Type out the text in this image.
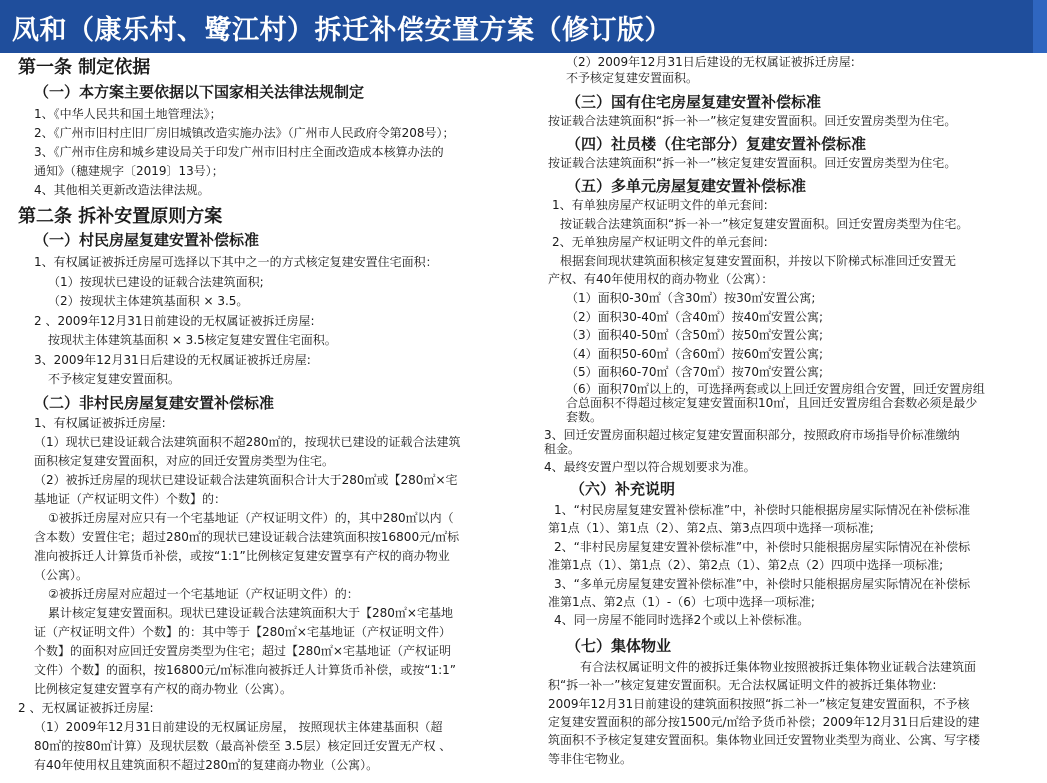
凤和（康乐村、鹭江村）拆迁补偿安置方案（修订版）
第一条 制定依据
（一）本方案主要依据以下国家相关法律法规制定
1、《中华人民共和国土地管理法》；
2、《广州市旧村庄旧厂房旧城镇改造实施办法》（广州市人民政府令第208号）；
3、《广州市住房和城乡建设局关于印发广州市旧村庄全面改造成本核算办法的
通知》（穗建规字〔2019〕13号）；
4、其他相关更新改造法律法规。
第二条 拆补安置原则方案
（一）村民房屋复建安置补偿标准
1、有权属证被拆迁房屋可选择以下其中之一的方式核定复建安置住宅面积：
（1）按现状已建设的证载合法建筑面积;
（2）按现状主体建筑基面积 × 3.5。
2 、2009年12月31日前建设的无权属证被拆迁房屋:
按现状主体建筑基面积 × 3.5核定复建安置住宅面积。
3、2009年12月31日后建设的无权属证被拆迁房屋:
不予核定复建安置面积。
（二）非村民房屋复建安置补偿标准
1、有权属证被拆迁房屋:
（1）现状已建设证载合法建筑面积不超280㎡的，按现状已建设的证载合法建筑
面积核定复建安置面积，对应的回迁安置房类型为住宅。
（2）被拆迁房屋的现状已建设证载合法建筑面积合计大于280㎡或【280㎡×宅
基地证（产权证明文件）个数】的：
①被拆迁房屋对应只有一个宅基地证（产权证明文件）的，其中280㎡以内（
含本数）安置住宅；超过280㎡的现状已建设证载合法建筑面积按16800元/㎡标
准向被拆迁人计算货币补偿，或按“1:1”比例核定复建安置享有产权的商办物业
（公寓）。
②被拆迁房屋对应超过一个宅基地证（产权证明文件）的：
累计核定复建安置面积。现状已建设证载合法建筑面积大于【280㎡×宅基地
证（产权证明文件）个数】的：其中等于【280㎡×宅基地证（产权证明文件）
个数】的面积对应回迁安置房类型为住宅；超过【280㎡×宅基地证（产权证明
文件）个数】的面积，按16800元/㎡标准向被拆迁人计算货币补偿，或按“1:1”
比例核定复建安置享有产权的商办物业（公寓）。
2 、无权属证被拆迁房屋:
（1）2009年12月31日前建设的无权属证房屋， 按照现状主体建基面积（超
80㎡的按80㎡计算）及现状层数（最高补偿至 3.5层）核定回迁安置无产权 、
有40年使用权且建筑面积不超过280㎡的复建商办物业（公寓）。
（2）2009年12月31日后建设的无权属证被拆迁房屋:
不予核定复建安置面积。
（三）国有住宅房屋复建安置补偿标准
按证载合法建筑面积“拆一补一”核定复建安置面积。回迁安置房类型为住宅。
（四）社员楼（住宅部分）复建安置补偿标准
按证载合法建筑面积“拆一补一”核定复建安置面积。回迁安置房类型为住宅。
（五）多单元房屋复建安置补偿标准
1、有单独房屋产权证明文件的单元套间:
按证载合法建筑面积“拆一补一”核定复建安置面积。回迁安置房类型为住宅。
2、无单独房屋产权证明文件的单元套间:
根据套间现状建筑面积核定复建安置面积，并按以下阶梯式标准回迁安置无
产权、有40年使用权的商办物业（公寓）：
（1）面积0-30㎡（含30㎡）按30㎡安置公寓;
（2）面积30-40㎡（含40㎡）按40㎡安置公寓;
（3）面积40-50㎡（含50㎡）按50㎡安置公寓;
（4）面积50-60㎡（含60㎡）按60㎡安置公寓;
（5）面积60-70㎡（含70㎡）按70㎡安置公寓;
（6）面积70㎡以上的，可选择两套或以上回迁安置房组合安置，回迁安置房组
合总面积不得超过核定复建安置面积10㎡，且回迁安置房组合套数必须是最少
套数。
3、回迁安置房面积超过核定复建安置面积部分，按照政府市场指导价标准缴纳
租金。
4、最终安置户型以符合规划要求为准。
（六）补充说明
1、“村民房屋复建安置补偿标准”中，补偿时只能根据房屋实际情况在补偿标准
第1点（1）、第1点（2）、第2点、第3点四项中选择一项标准;
2、“非村民房屋复建安置补偿标准”中，补偿时只能根据房屋实际情况在补偿标
准第1点（1）、第1点（2）、第2点（1）、第2点（2）四项中选择一项标准;
3、“多单元房屋复建安置补偿标准”中，补偿时只能根据房屋实际情况在补偿标
准第1点、第2点（1）-（6）七项中选择一项标准;
4、同一房屋不能同时选择2个或以上补偿标准。
（七）集体物业
有合法权属证明文件的被拆迁集体物业按照被拆迁集体物业证载合法建筑面
积“拆一补一”核定复建安置面积。无合法权属证明文件的被拆迁集体物业:
2009年12月31日前建设的建筑面积按照“拆二补一”核定复建安置面积，不予核
定复建安置面积的部分按1500元/㎡给予货币补偿；2009年12月31日后建设的建
筑面积不予核定复建安置面积。集体物业回迁安置物业类型为商业、公寓、写字楼
等非住宅物业。
